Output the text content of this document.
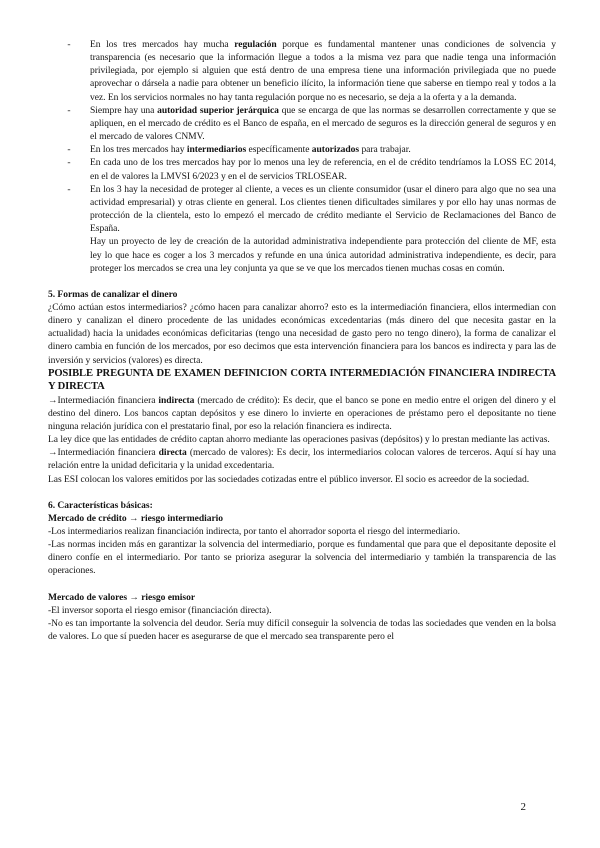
-	En los tres mercados hay mucha regulación porque es fundamental mantener unas condiciones de solvencia y transparencia (es necesario que la información llegue a todos a la misma vez para que nadie tenga una información privilegiada, por ejemplo si alguien que está dentro de una empresa tiene una información privilegiada que no puede aprovechar o dársela a nadie para obtener un beneficio ilícito, la información tiene que saberse en tiempo real y todos a la vez. En los servicios normales no hay tanta regulación porque no es necesario, se deja a la oferta y a la demanda.

-	Siempre hay una autoridad superior jerárquica que se encarga de que las normas se desarrollen correctamente y que se apliquen, en el mercado de crédito es el Banco de españa, en el mercado de seguros es la dirección general de seguros y en el mercado de valores CNMV.

-	En los tres mercados hay intermediarios específicamente autorizados para trabajar.

-	En cada uno de los tres mercados hay por lo menos una ley de referencia, en el de crédito tendríamos la LOSS EC 2014, en el de valores la LMVSI 6/2023 y en el de servicios TRLOSEAR.

-	En los 3 hay la necesidad de proteger al cliente, a veces es un cliente consumidor (usar el dinero para algo que no sea una actividad empresarial) y otras cliente en general. Los clientes tienen dificultades similares y por ello hay unas normas de protección de la clientela, esto lo empezó el mercado de crédito mediante el Servicio de Reclamaciones del Banco de España.

Hay un proyecto de ley de creación de la autoridad administrativa independiente para protección del cliente de MF, esta ley lo que hace es coger a los 3 mercados y refunde en una única autoridad administrativa independiente, es decir, para proteger los mercados se crea una ley conjunta ya que se ve que los mercados tienen muchas cosas en común.

5. Formas de canalizar el dinero

¿Cómo actúan estos intermediarios? ¿cómo hacen para canalizar ahorro? esto es la intermediación financiera, ellos intermedian con dinero y canalizan el dinero procedente de las unidades económicas excedentarias (más dinero del que necesita gastar en la actualidad) hacia la unidades económicas deficitarias (tengo una necesidad de gasto pero no tengo dinero), la forma de canalizar el dinero cambia en función de los mercados, por eso decimos que esta intervención financiera para los bancos es indirecta y para las de inversión y servicios (valores) es directa.

POSIBLE PREGUNTA DE EXAMEN DEFINICION CORTA INTERMEDIACIÓN FINANCIERA INDIRECTA Y DIRECTA

→Intermediación financiera indirecta (mercado de crédito): Es decir, que el banco se pone en medio entre el origen del dinero y el destino del dinero. Los bancos captan depósitos y ese dinero lo invierte en operaciones de préstamo pero el depositante no tiene ninguna relación jurídica con el prestatario final, por eso la relación financiera es indirecta.

La ley dice que las entidades de crédito captan ahorro mediante las operaciones pasivas (depósitos) y lo prestan mediante las activas.

→Intermediación financiera directa (mercado de valores): Es decir, los intermediarios colocan valores de terceros. Aquí sí hay una relación entre la unidad deficitaria y la unidad excedentaria.

Las ESI colocan los valores emitidos por las sociedades cotizadas entre el público inversor. El socio es acreedor de la sociedad.

6. Características básicas:

Mercado de crédito → riesgo intermediario

-Los intermediarios realizan financiación indirecta, por tanto el ahorrador soporta el riesgo del intermediario.

-Las normas inciden más en garantizar la solvencia del intermediario, porque es fundamental que para que el depositante deposite el dinero confíe en el intermediario. Por tanto se prioriza asegurar la solvencia del intermediario y también la transparencia de las operaciones.

Mercado de valores → riesgo emisor

-El inversor soporta el riesgo emisor (financiación directa).

-No es tan importante la solvencia del deudor. Sería muy difícil conseguir la solvencia de todas las sociedades que venden en la bolsa de valores. Lo que sí pueden hacer es asegurarse de que el mercado sea transparente pero el

2
